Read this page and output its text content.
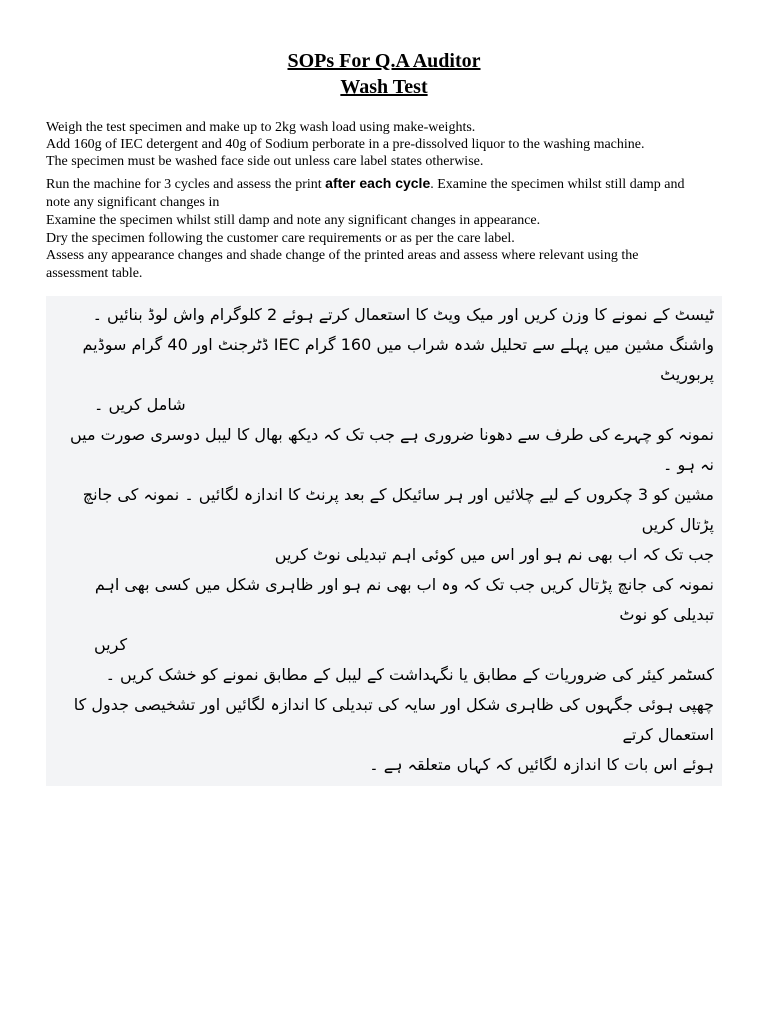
SOPs For Q.A Auditor
Wash Test

Weigh the test specimen and make up to 2kg wash load using make-weights.

Add 160g of IEC detergent and 40g of Sodium perborate in a pre-dissolved liquor to the washing machine.

The specimen must be washed face side out unless care label states otherwise.

Run the machine for 3 cycles and assess the print after each cycle. Examine the specimen whilst still damp and note any significant changes in

Examine the specimen whilst still damp and note any significant changes in appearance.

Dry the specimen following the customer care requirements or as per the care label.

Assess any appearance changes and shade change of the printed areas and assess where relevant using the assessment table.

ٹیسٹ کے نمونے کا وزن کریں اور میک ویٹ کا استعمال کرتے ہوئے 2 کلوگرام واش لوڈ بنائیں ۔
واشنگ مشین میں پہلے سے تحلیل شدہ شراب میں 160 گرام IEC ڈٹرجنٹ اور 40 گرام سوڈیم پربوریٹ
شامل کریں ۔
نمونہ کو چہرے کی طرف سے دھونا ضروری ہے جب تک کہ دیکھ بھال کا لیبل دوسری صورت میں نہ ہو ۔
مشین کو 3 چکروں کے لیے چلائیں اور ہر سائیکل کے بعد پرنٹ کا اندازہ لگائیں ۔ نمونہ کی جانچ پڑتال کریں
جب تک کہ اب بھی نم ہو اور اس میں کوئی اہم تبدیلی نوٹ کریں
نمونہ کی جانچ پڑتال کریں جب تک کہ وہ اب بھی نم ہو اور ظاہری شکل میں کسی بھی اہم تبدیلی کو نوٹ
کریں
کسٹمر کیئر کی ضروریات کے مطابق یا نگہداشت کے لیبل کے مطابق نمونے کو خشک کریں ۔
چھپی ہوئی جگہوں کی ظاہری شکل اور سایہ کی تبدیلی کا اندازہ لگائیں اور تشخیصی جدول کا استعمال کرتے
ہوئے اس بات کا اندازہ لگائیں کہ کہاں متعلقہ ہے ۔
